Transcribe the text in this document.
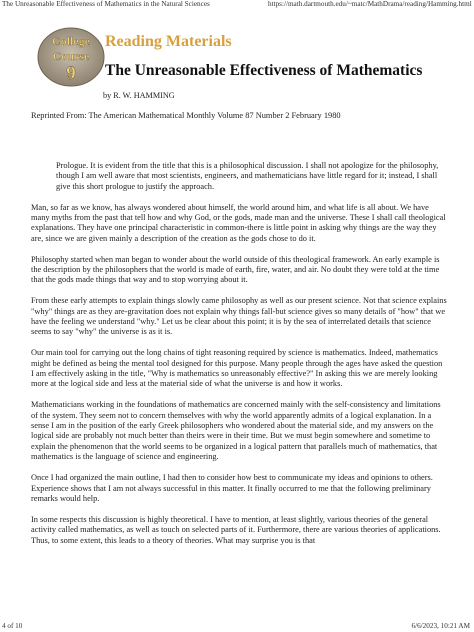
The Unreasonable Effectiveness of Mathematics in the Natural Sciences	https://math.dartmouth.edu/~matc/MathDrama/reading/Hamming.html
College
Course
9
Reading Materials
The Unreasonable Effectiveness of Mathematics
by R. W. HAMMING
Reprinted From: The American Mathematical Monthly Volume 87 Number 2 February 1980

Prologue. It is evident from the title that this is a philosophical discussion. I shall not apologize for the philosophy, though I am well aware that most scientists, engineers, and mathematicians have little regard for it; instead, I shall give this short prologue to justify the approach.

Man, so far as we know, has always wondered about himself, the world around him, and what life is all about. We have many myths from the past that tell how and why God, or the gods, made man and the universe. These I shall call theological explanations. They have one principal characteristic in common-there is little point in asking why things are the way they are, since we are given mainly a description of the creation as the gods chose to do it.

Philosophy started when man began to wonder about the world outside of this theological framework. An early example is the description by the philosophers that the world is made of earth, fire, water, and air. No doubt they were told at the time that the gods made things that way and to stop worrying about it.

From these early attempts to explain things slowly came philosophy as well as our present science. Not that science explains "why" things are as they are-gravitation does not explain why things fall-but science gives so many details of "how" that we have the feeling we understand "why." Let us be clear about this point; it is by the sea of interrelated details that science seems to say "why" the universe is as it is.

Our main tool for carrying out the long chains of tight reasoning required by science is mathematics. Indeed, mathematics might be defined as being the mental tool designed for this purpose. Many people through the ages have asked the question I am effectively asking in the title, "Why is mathematics so unreasonably effective?" In asking this we are merely looking more at the logical side and less at the material side of what the universe is and how it works.

Mathematicians working in the foundations of mathematics are concerned mainly with the self-consistency and limitations of the system. They seem not to concern themselves with why the world apparently admits of a logical explanation. In a sense I am in the position of the early Greek philosophers who wondered about the material side, and my answers on the logical side are probably not much better than theirs were in their time. But we must begin somewhere and sometime to explain the phenomenon that the world seems to be organized in a logical pattern that parallels much of mathematics, that mathematics is the language of science and engineering.

Once I had organized the main outline, I had then to consider how best to communicate my ideas and opinions to others. Experience shows that I am not always successful in this matter. It finally occurred to me that the following preliminary remarks would help.

In some respects this discussion is highly theoretical. I have to mention, at least slightly, various theories of the general activity called mathematics, as well as touch on selected parts of it. Furthermore, there are various theories of applications. Thus, to some extent, this leads to a theory of theories. What may surprise you is that

4 of 10	6/6/2023, 10:21 AM
